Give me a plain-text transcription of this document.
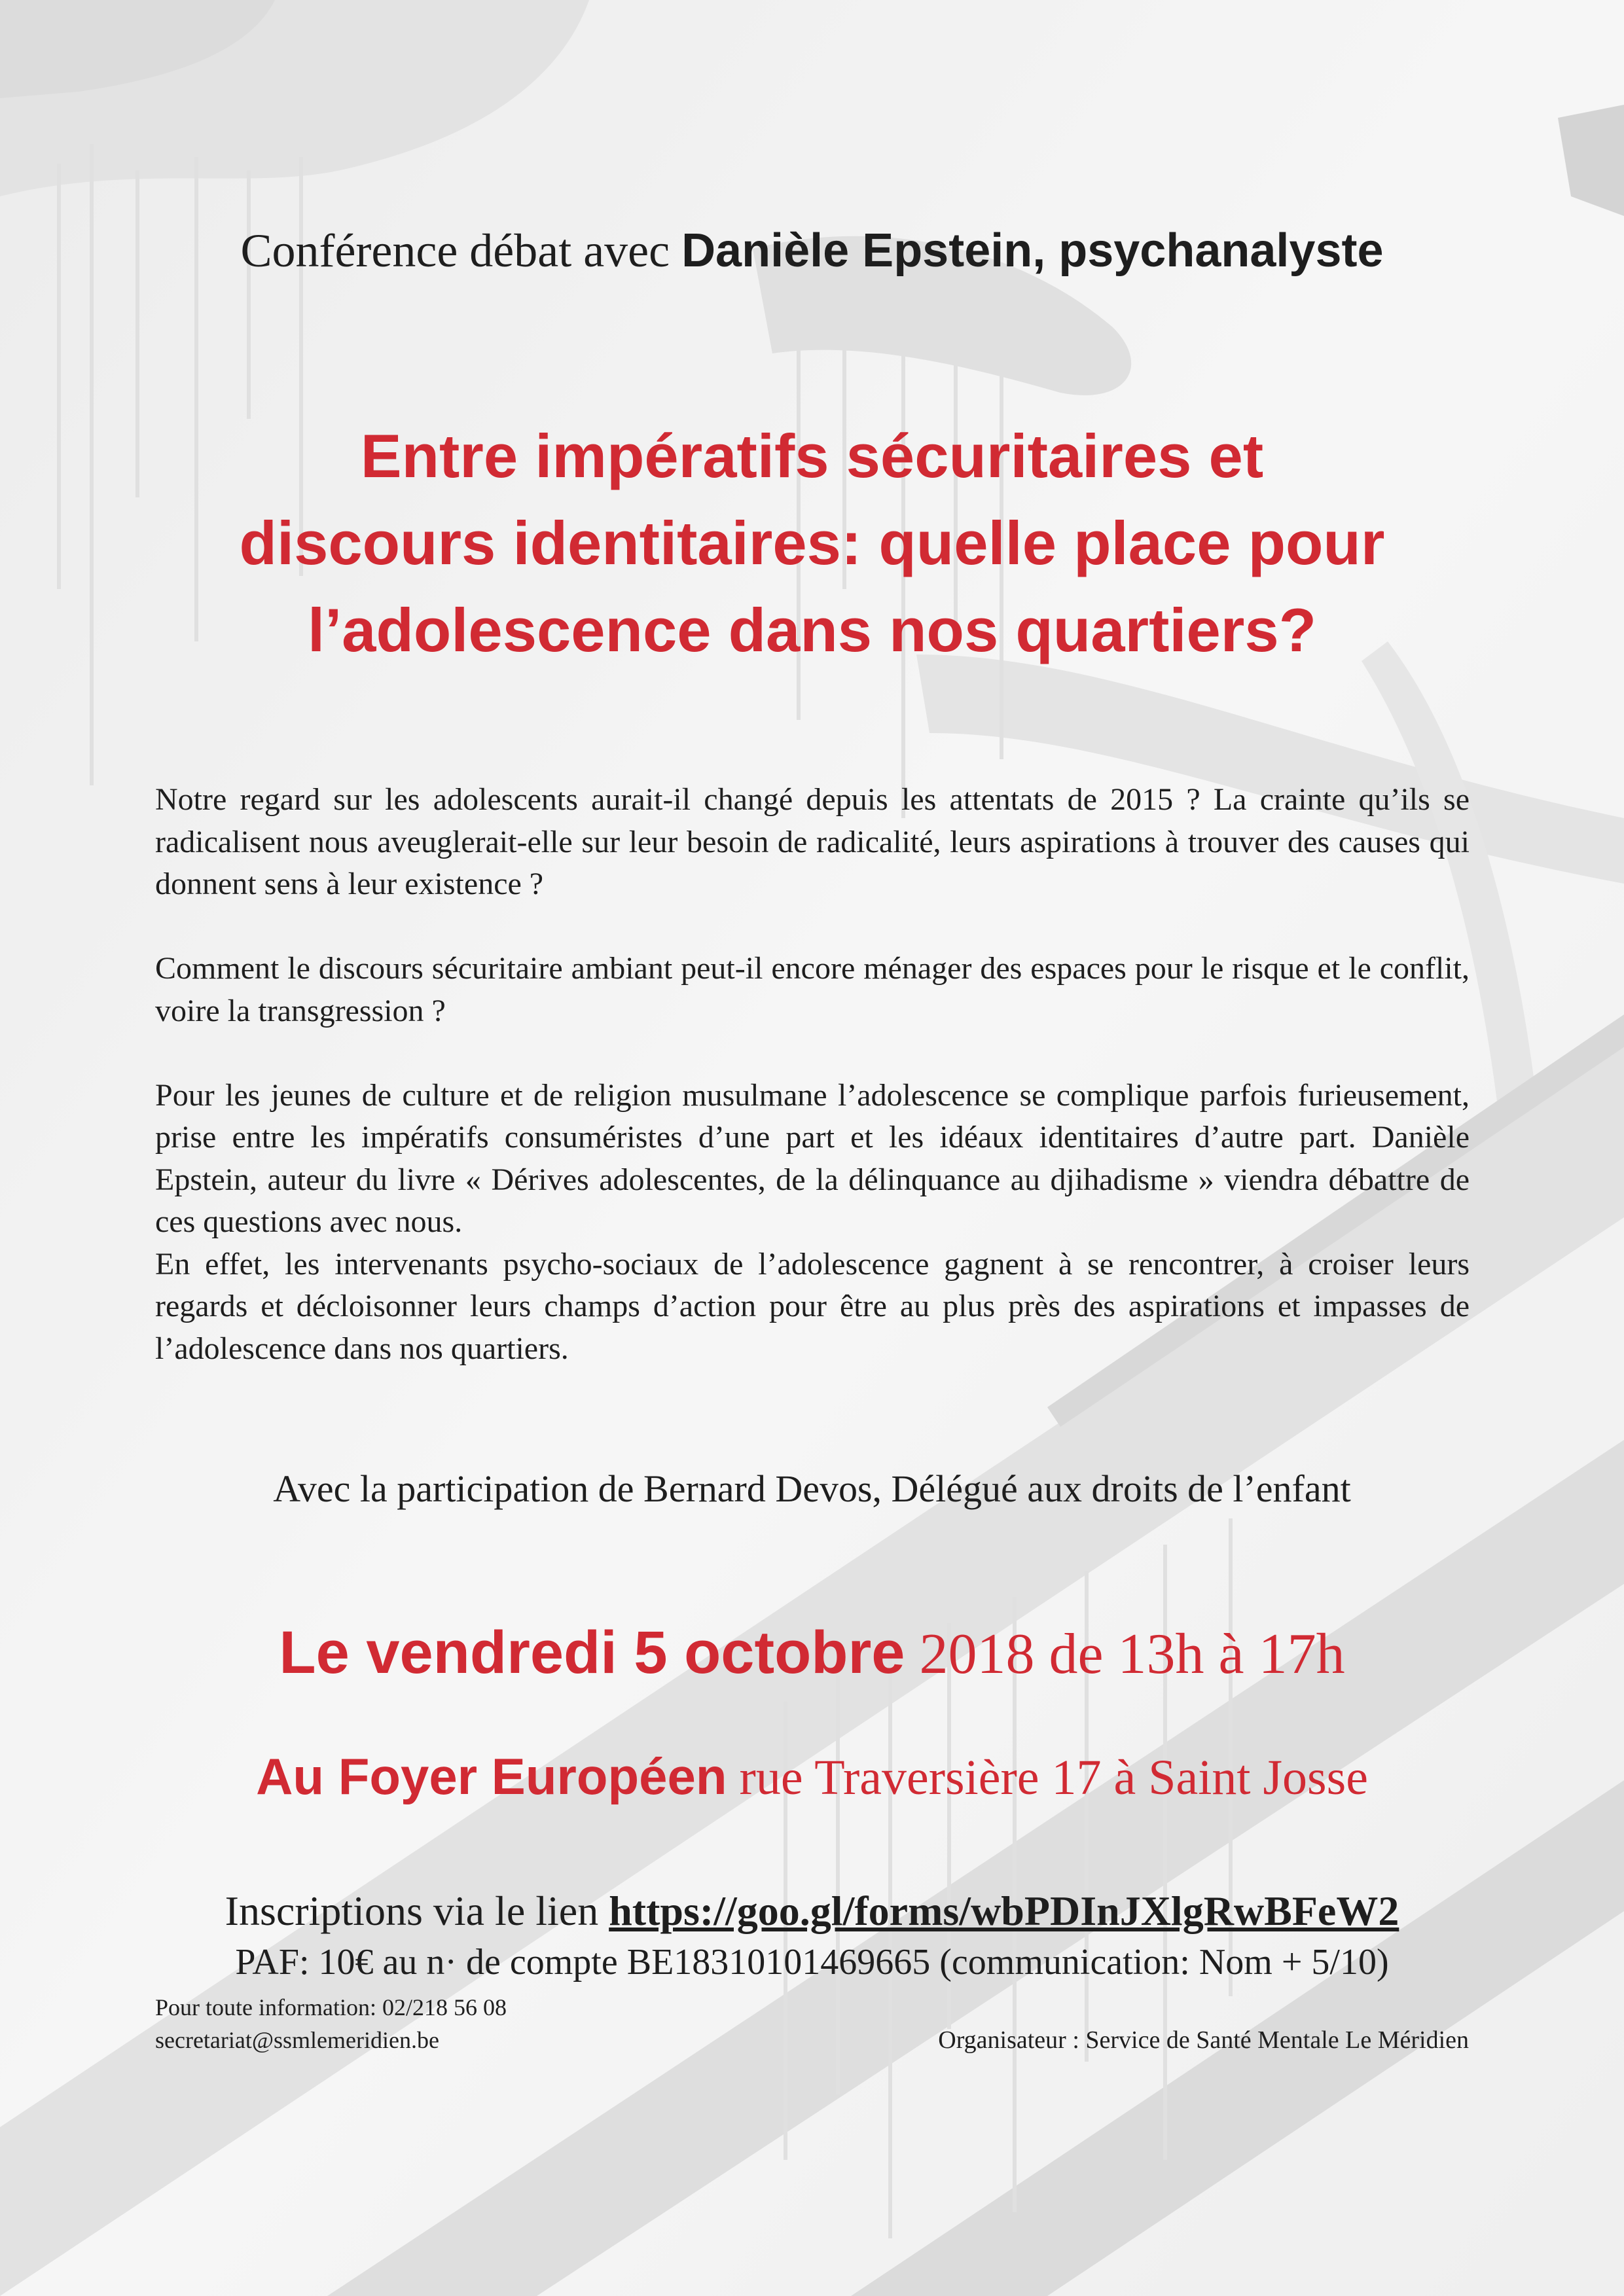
Conférence débat avec Danièle Epstein, psychanalyste
Entre impératifs sécuritaires et
discours identitaires: quelle place pour
l’adolescence dans nos quartiers?

Notre regard sur les adolescents aurait-il changé depuis les attentats de 2015 ? La crainte qu’ils se radicalisent nous aveuglerait-elle sur leur besoin de radicalité, leurs aspirations à trouver des causes qui donnent sens à leur existence ?

Comment le discours sécuritaire ambiant peut-il encore ménager des espaces pour le risque et le conflit, voire la transgression ?

Pour les jeunes de culture et de religion musulmane l’adolescence se complique parfois furieusement, prise entre les impératifs consuméristes d’une part et les idéaux identitaires d’autre part. Danièle Epstein, auteur du livre « Dérives adolescentes, de la délinquance au djihadisme » viendra débattre de ces questions avec nous.

En effet, les intervenants psycho-sociaux de l’adolescence gagnent à se rencontrer, à croiser leurs regards et décloisonner leurs champs d’action pour être au plus près des aspirations et impasses de l’adolescence dans nos quartiers.

Avec la participation de Bernard Devos, Délégué aux droits de l’enfant
Le vendredi 5 octobre 2018 de 13h à 17h
Au Foyer Européen rue Traversière 17 à Saint Josse
Inscriptions via le lien https://goo.gl/forms/wbPDInJXlgRwBFeW2
PAF: 10€ au n· de compte BE18310101469665 (communication: Nom + 5/10)
Pour toute information: 02/218 56 08
secretariat@ssmlemeridien.be	Organisateur : Service de Santé Mentale Le Méridien
